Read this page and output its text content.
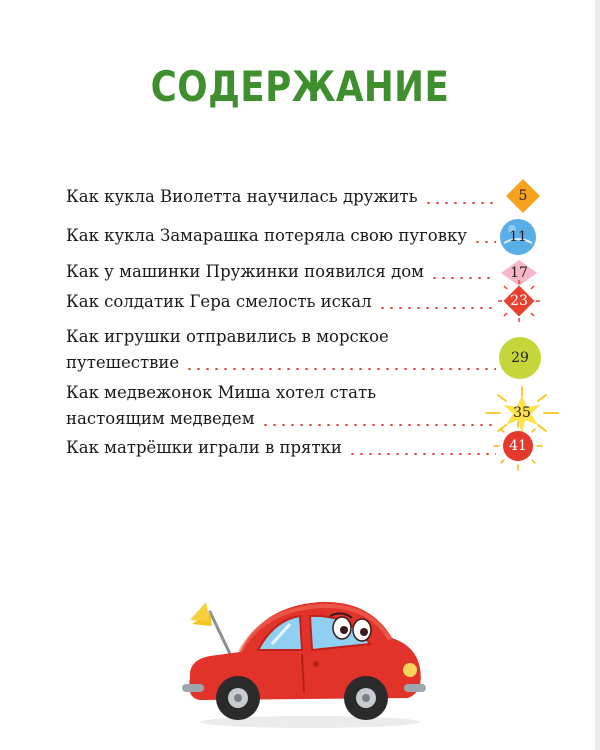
СОДЕРЖАНИЕ
Как кукла Виолетта научилась дружить	5
Как кукла Замарашка потеряла свою пуговку	11
Как у машинки Пружинки появился дом	17
Как солдатик Гера смелость искал	23
Как игрушки отправились в морское
путешествие	29
Как медвежонок Миша хотел стать
настоящим медведем	35
Как матрёшки играли в прятки	41
